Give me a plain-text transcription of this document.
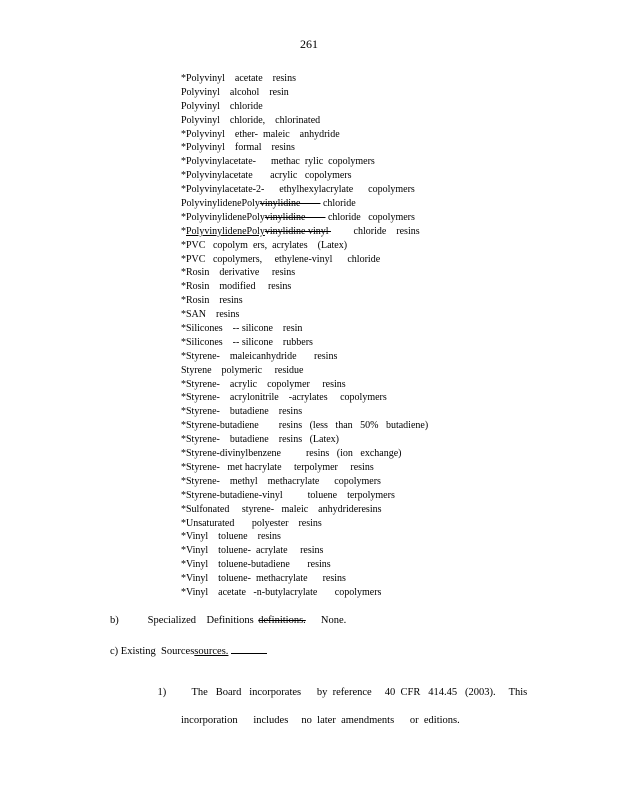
261
*Polyvinyl    acetate    resins
Polyvinyl    alcohol    resin
Polyvinyl    chloride
Polyvinyl    chloride,    chlorinated
*Polyvinyl    ether-  maleic    anhydride
*Polyvinyl    formal    resins
*Polyvinylacetate-      methac  rylic  copolymers
*Polyvinylacetate       acrylic   copolymers
*Polyvinylacetate-2-      ethylhexylacrylate      copolymers
PolyvinylidenePolyvinylidine         chloride
*PolyvinylidenePolyvinylidine         chloride   copolymers
*PolyvinylidenePolyvinylidine vinyl          chloride    resins
*PVC   copolym  ers,  acrylates    (Latex)
*PVC   copolymers,     ethylene-vinyl      chloride
*Rosin    derivative     resins
*Rosin    modified     resins
*Rosin    resins
*SAN    resins
*Silicones    -- silicone    resin
*Silicones    -- silicone    rubbers
*Styrene-    maleicanhydride       resins
Styrene    polymeric     residue
*Styrene-    acrylic    copolymer     resins
*Styrene-    acrylonitrile    -acrylates     copolymers
*Styrene-    butadiene    resins
*Styrene-butadiene        resins   (less   than   50%   butadiene)
*Styrene-    butadiene    resins   (Latex)
*Styrene-divinylbenzene          resins   (ion   exchange)
*Styrene-   met hacrylate     terpolymer     resins
*Styrene-    methyl    methacrylate      copolymers
*Styrene-butadiene-vinyl          toluene    terpolymers
*Sulfonated     styrene-   maleic    anhydrideresins
*Unsaturated       polyester    resins
*Vinyl    toluene    resins
*Vinyl    toluene-  acrylate     resins
*Vinyl    toluene-butadiene       resins
*Vinyl    toluene-  methacrylate      resins
*Vinyl    acetate   -n-butylacrylate       copolymers
b)	Specialized    Definitions definitions. None.
c) Existing  Sourcessources.

1) The   Board   incorporates      by  reference     40  CFR   414.45   (2003).     This

incorporation      includes     no  later  amendments      or  editions.
